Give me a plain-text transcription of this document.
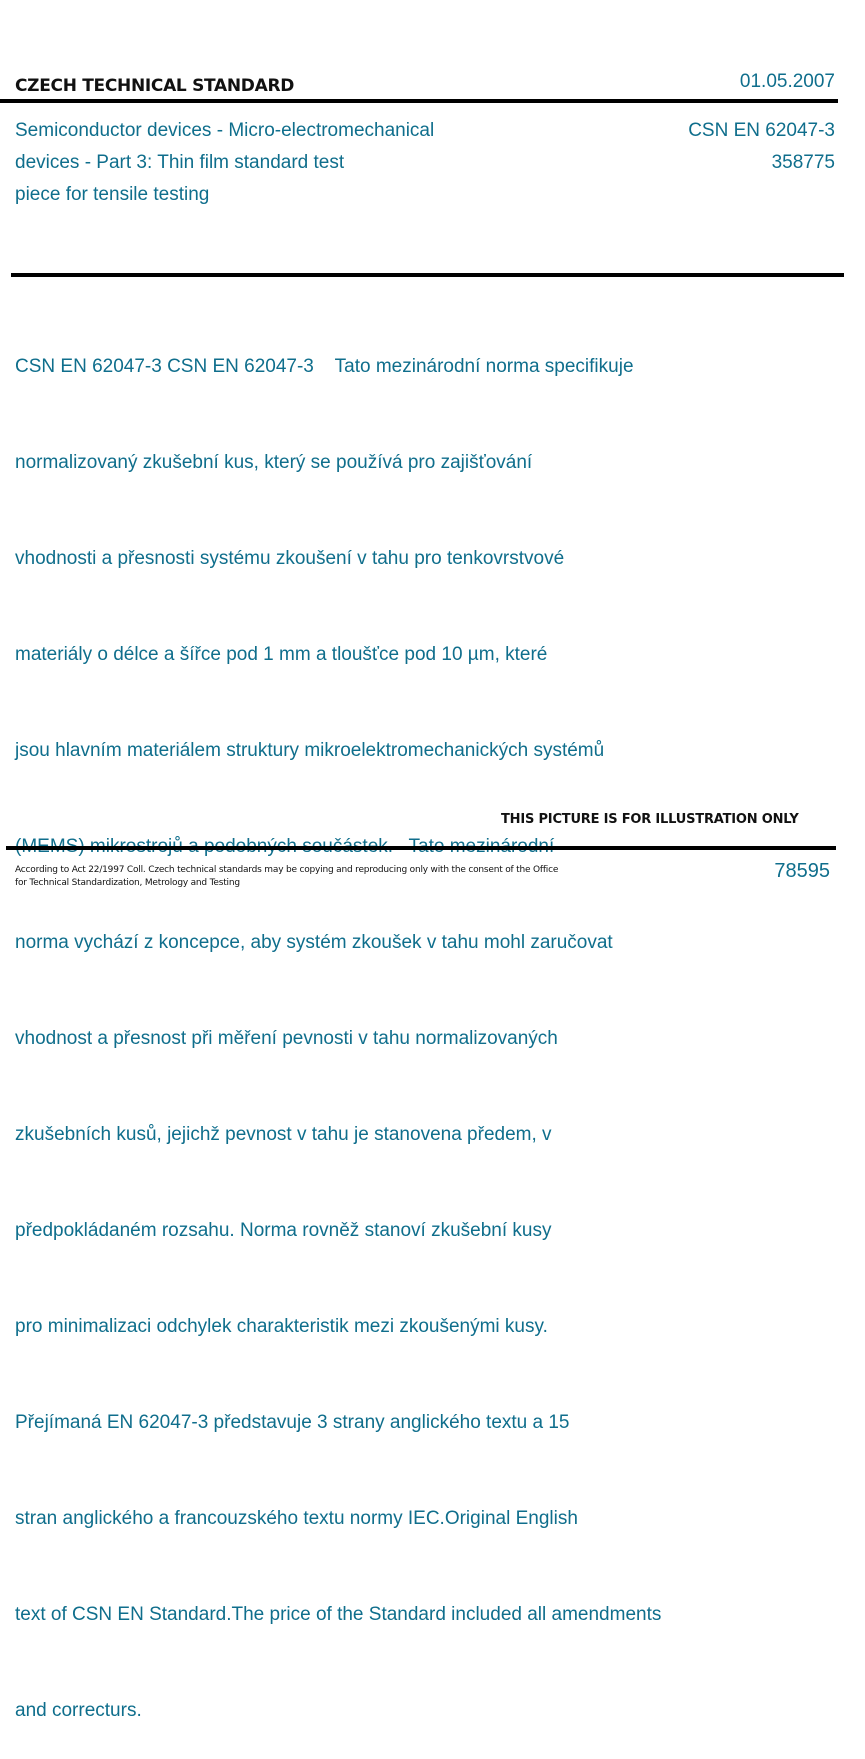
CZECH TECHNICAL STANDARD	01.05.2007
Semiconductor devices - Micro-electromechanical
devices - Part 3: Thin film standard test
piece for tensile testing
CSN EN 62047-3
358775

CSN EN 62047-3 CSN EN 62047-3    Tato mezinárodní norma specifikuje

normalizovaný zkušební kus, který se používá pro zajišťování

vhodnosti a přesnosti systému zkoušení v tahu pro tenkovrstvové

materiály o délce a šířce pod 1 mm a tloušťce pod 10 µm, které

jsou hlavním materiálem struktury mikroelektromechanických systémů

norma vychází z koncepce, aby systém zkoušek v tahu mohl zaručovat

vhodnost a přesnost při měření pevnosti v tahu normalizovaných

zkušebních kusů, jejichž pevnost v tahu je stanovena předem, v

předpokládaném rozsahu. Norma rovněž stanoví zkušební kusy

pro minimalizaci odchylek charakteristik mezi zkoušenými kusy.

Přejímaná EN 62047-3 představuje 3 strany anglického textu a 15

stran anglického a francouzského textu normy IEC.Original English

text of CSN EN Standard.The price of the Standard included all amendments

and correcturs.

THIS PICTURE IS FOR ILLUSTRATION ONLY
According to Act 22/1997 Coll. Czech technical standards may be copying and reproducing only with the consent of the Office
for Technical Standardization, Metrology and Testing
78595
